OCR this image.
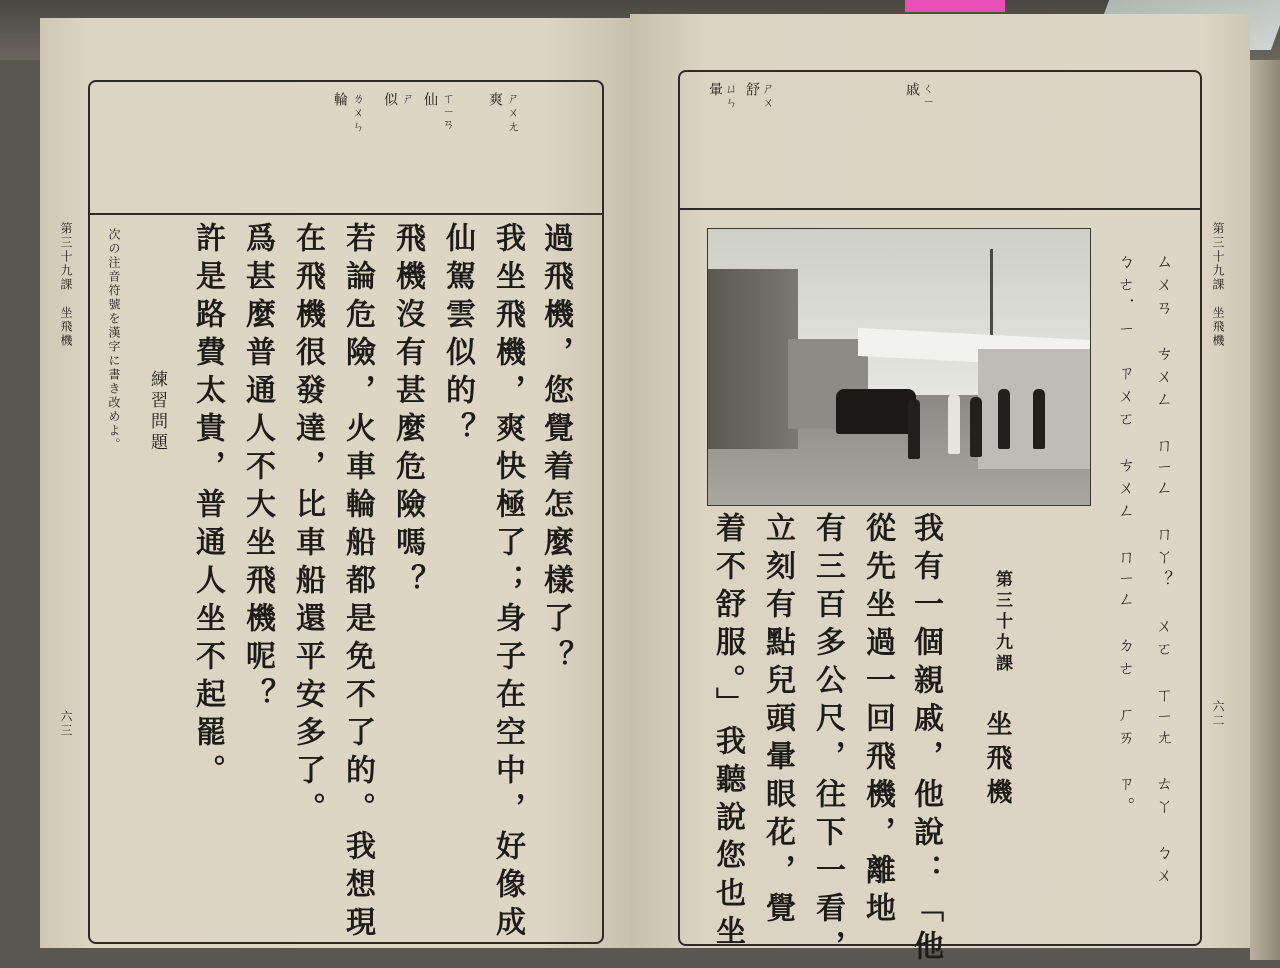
爽 ㄕㄨㄤ
仙 ㄒㄧㄢ
似 ㄕ
輪 ㄌㄨㄣ
過飛機，您覺着怎麼樣了？
我坐飛機，爽快極了；身子在空中，好像成
仙駕雲似的？
飛機沒有甚麼危險嗎？
若論危險，火車輪船都是免不了的。我想現
在飛機很發達，比車船還平安多了。
爲甚麼普通人不大坐飛機呢？
許是路費太貴，普通人坐不起罷。
練習問題
次の注音符號を漢字に書き改めよ。
第三十九課　坐飛機
六三
舒 ㄕㄨ
暈 ㄩㄣ	戚 ㄑㄧ
第三十九課
坐飛機
我有一個親戚，他說：「他
從先坐過一回飛機，離地
有三百多公尺，往下一看，
立刻有點兒頭暈眼花，覺
着不舒服。」我聽說您也坐	ㄙㄨㄢ　ㄘㄨㄥ　ㄇㄧㄥ　ㄇㄚ？　ㄨㄛ　ㄒㄧㄤ　ㄊㄚ　ㄅㄨ
ㄅㄜ．ㄧ　ㄗㄨㄛ　ㄘㄨㄥ　ㄇㄧㄥ　ㄉㄜ　ㄏㄞ　ㄗ。	第三十九課　坐飛機
六二
